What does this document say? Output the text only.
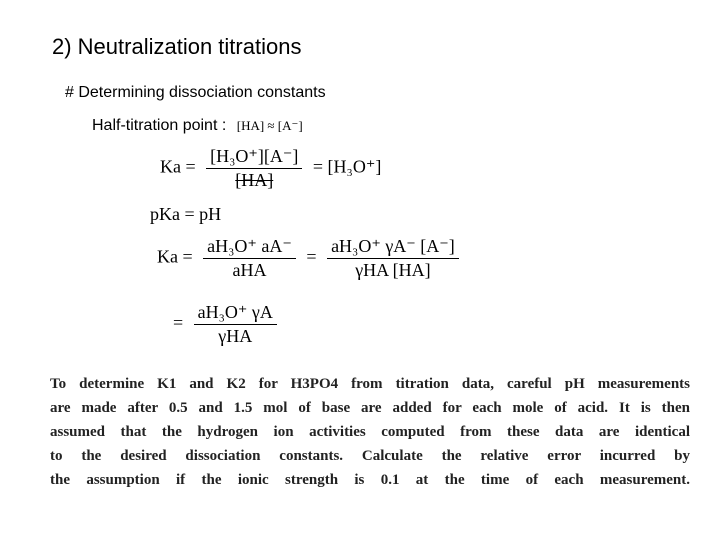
2) Neutralization titrations
# Determining dissociation constants
Half-titration point : [HA] ≈ [A⁻]
$Ka = \frac{\text{[H₃O⁺][A⁻]}}{[HA]} = [H_3O^+]$
pKa = pH
$Ka = \frac{\text{aH₃O⁺ aA⁻}}{\text{aHA}} = \frac{\text{aH₃O⁺ γA⁻ [A⁻]}}{\text{γHA [HA]}}$
= $\frac{\text{aH₃O⁺ γA}}{\text{γHA}}$
To determine K1 and K2 for H3PO4 from titration data, careful pH measurements
are made after 0.5 and 1.5 mol of base are added for each mole of acid. It is then
assumed that the hydrogen ion activities computed from these data are identical
to the desired dissociation constants. Calculate the relative error incurred by
the assumption if the ionic strength is 0.1 at the time of each measurement.
